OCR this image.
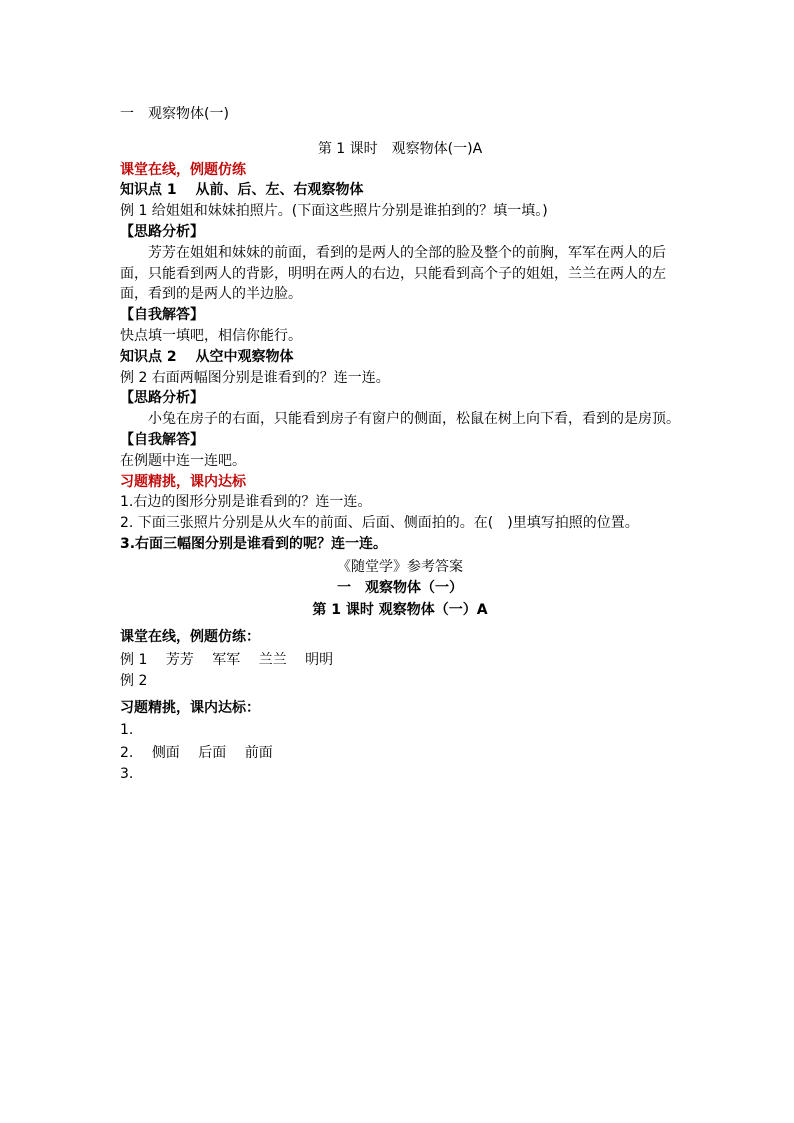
一　观察物体(一)
第 1 课时　观察物体(一)A
课堂在线，例题仿练
知识点 1　 从前、后、左、右观察物体
例 1 给姐姐和妹妹拍照片。(下面这些照片分别是谁拍到的？填一填。)
【思路分析】
芳芳在姐姐和妹妹的前面，看到的是两人的全部的脸及整个的前胸，军军在两人的后面，只能看到两人的背影，明明在两人的右边，只能看到高个子的姐姐，兰兰在两人的左面，看到的是两人的半边脸。
【自我解答】
快点填一填吧，相信你能行。
知识点 2　 从空中观察物体
例 2 右面两幅图分别是谁看到的？连一连。
【思路分析】
小兔在房子的右面，只能看到房子有窗户的侧面，松鼠在树上向下看，看到的是房顶。
【自我解答】
在例题中连一连吧。
习题精挑，课内达标
1.右边的图形分别是谁看到的？连一连。
2. 下面三张照片分别是从火车的前面、后面、侧面拍的。在(　)里填写拍照的位置。
3.右面三幅图分别是谁看到的呢？连一连。
《随堂学》参考答案
一　观察物体（一）
第 1 课时 观察物体（一）A
课堂在线，例题仿练：
例 1 芳芳 军军 兰兰 明明
例 2
习题精挑，课内达标：
1.
2. 侧面 后面 前面
3.
